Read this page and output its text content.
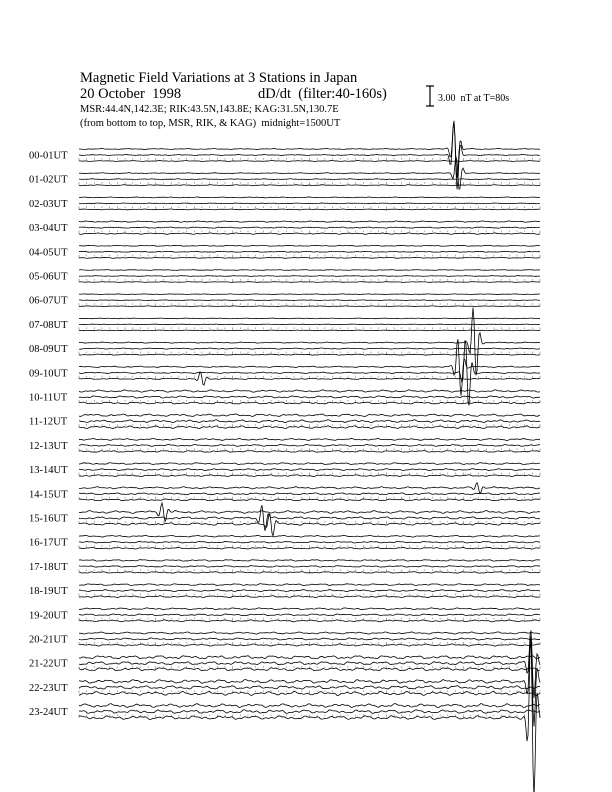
Magnetic Field Variations at 3 Stations in Japan
20 October  1998	dD/dt  (filter:40-160s)
MSR:44.4N,142.3E; RIK:43.5N,143.8E; KAG:31.5N,130.7E
(from bottom to top, MSR, RIK, & KAG)  midnight=1500UT
3.00  nT at T=80s
00-01UT
01-02UT
02-03UT
03-04UT
04-05UT
05-06UT
06-07UT
07-08UT
08-09UT
09-10UT
10-11UT
11-12UT
12-13UT
13-14UT
14-15UT
15-16UT
16-17UT
17-18UT
18-19UT
19-20UT
20-21UT
21-22UT
22-23UT
23-24UT
